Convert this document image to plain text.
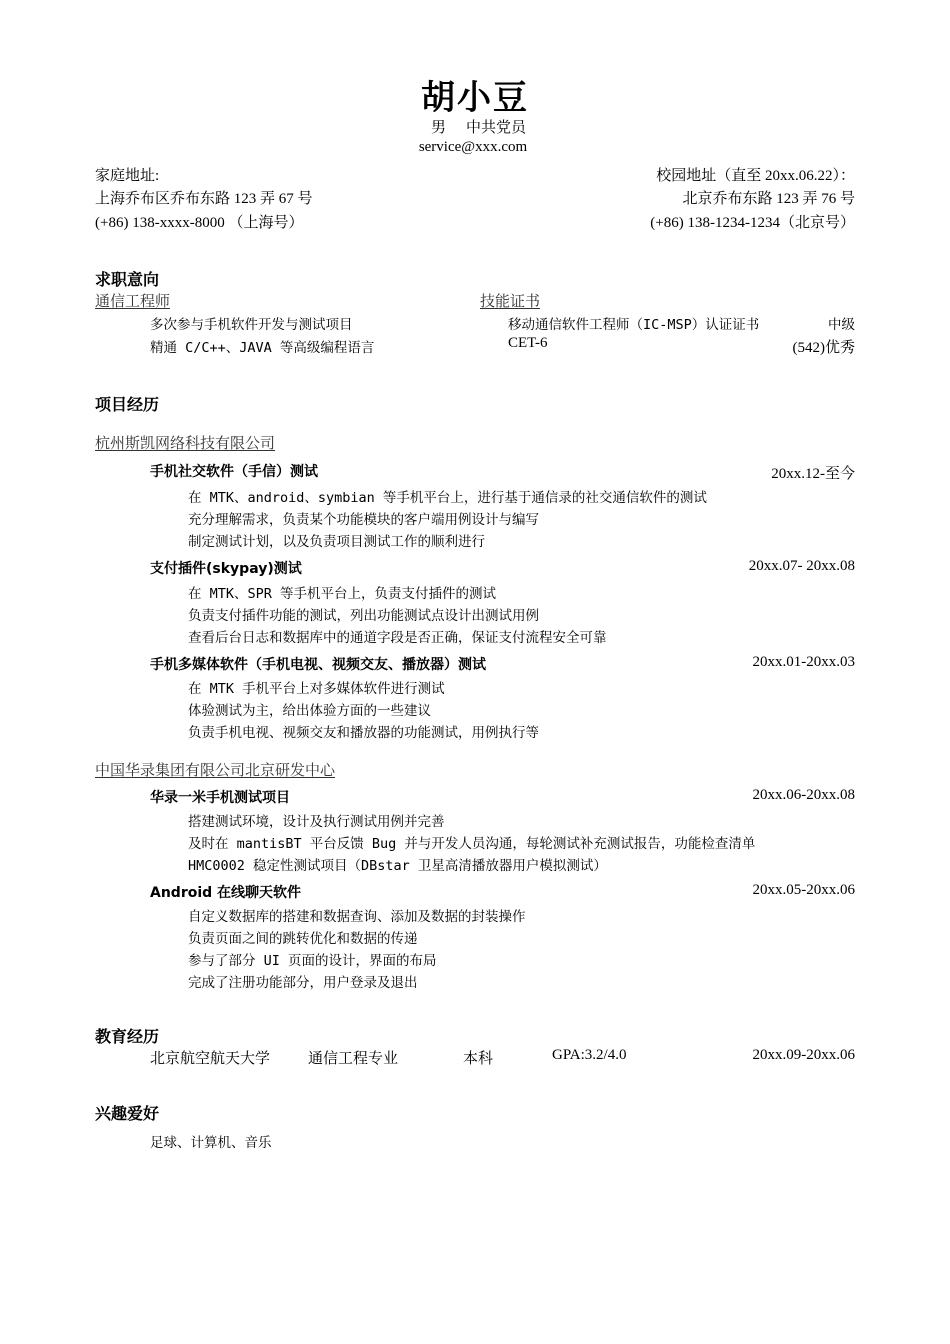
胡小豆
男 中共党员
service@xxx.com
家庭地址:
上海乔布区乔布东路 123 弄 67 号
(+86) 138-xxxx-8000 （上海号）
校园地址（直至 20xx.06.22）：
北京乔布东路 123 弄 76 号
(+86) 138-1234-1234（北京号）
求职意向
通信工程师
多次参与手机软件开发与测试项目
精通 C/C++、JAVA 等高级编程语言
技能证书
移动通信软件工程师（IC-MSP）认证证书	中级
CET-6	(542)优秀
项目经历
杭州斯凯网络科技有限公司
手机社交软件（手信）测试	20xx.12-至今
在 MTK、android、symbian 等手机平台上，进行基于通信录的社交通信软件的测试
充分理解需求，负责某个功能模块的客户端用例设计与编写
制定测试计划，以及负责项目测试工作的顺利进行
支付插件(skypay)测试	20xx.07- 20xx.08
在 MTK、SPR 等手机平台上，负责支付插件的测试
负责支付插件功能的测试，列出功能测试点设计出测试用例
查看后台日志和数据库中的通道字段是否正确，保证支付流程安全可靠
手机多媒体软件（手机电视、视频交友、播放器）测试	20xx.01-20xx.03
在 MTK 手机平台上对多媒体软件进行测试
体验测试为主，给出体验方面的一些建议
负责手机电视、视频交友和播放器的功能测试，用例执行等
中国华录集团有限公司北京研发中心
华录一米手机测试项目	20xx.06-20xx.08
搭建测试环境，设计及执行测试用例并完善
及时在 mantisBT 平台反馈 Bug 并与开发人员沟通，每轮测试补充测试报告，功能检查清单
HMC0002 稳定性测试项目（DBstar 卫星高清播放器用户模拟测试）
Android 在线聊天软件	20xx.05-20xx.06
自定义数据库的搭建和数据查询、添加及数据的封装操作
负责页面之间的跳转优化和数据的传递
参与了部分 UI 页面的设计，界面的布局
完成了注册功能部分，用户登录及退出
教育经历
北京航空航天大学	通信工程专业	本科	GPA:3.2/4.0	20xx.09-20xx.06
兴趣爱好
足球、计算机、音乐
